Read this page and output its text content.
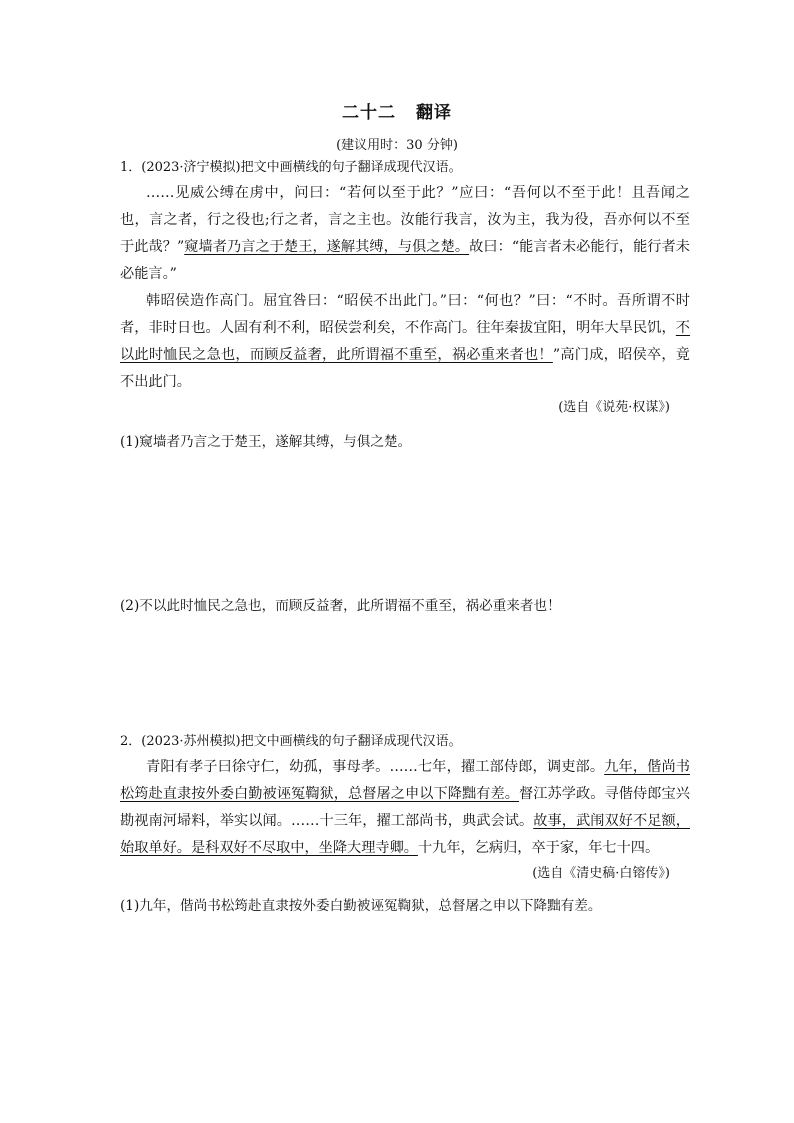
二十二 翻译
(建议用时：30 分钟)
1．(2023·济宁模拟)把文中画横线的句子翻译成现代汉语。

……见威公缚在虏中，问曰：“若何以至于此？”应曰：“吾何以不至于此！且吾闻之也，言之者，行之役也;行之者，言之主也。汝能行我言，汝为主，我为役，吾亦何以不至于此哉？”窥墙者乃言之于楚王，遂解其缚，与俱之楚。故曰：“能言者未必能行，能行者未必能言。”

韩昭侯造作高门。屈宜咎曰：“昭侯不出此门。”曰：“何也？”曰：“不时。吾所谓不时者，非时日也。人固有利不利，昭侯尝利矣，不作高门。往年秦拔宜阳，明年大旱民饥，不以此时恤民之急也，而顾反益奢，此所谓福不重至，祸必重来者也！”高门成，昭侯卒，竟不出此门。

(选自《说苑·权谋》)
(1)窥墙者乃言之于楚王，遂解其缚，与俱之楚。
(2)不以此时恤民之急也，而顾反益奢，此所谓福不重至，祸必重来者也！
2．(2023·苏州模拟)把文中画横线的句子翻译成现代汉语。

青阳有孝子曰徐守仁，幼孤，事母孝。……七年，擢工部侍郎，调吏部。九年，偕尚书松筠赴直隶按外委白勤被诬冤鞫狱，总督屠之申以下降黜有差。督江苏学政。寻偕侍郎宝兴勘视南河埽料，举实以闻。……十三年，擢工部尚书，典武会试。故事，武闱双好不足额，始取单好。是科双好不尽取中，坐降大理寺卿。十九年，乞病归，卒于家，年七十四。

(选自《清史稿·白镕传》)
(1)九年，偕尚书松筠赴直隶按外委白勤被诬冤鞫狱，总督屠之申以下降黜有差。
